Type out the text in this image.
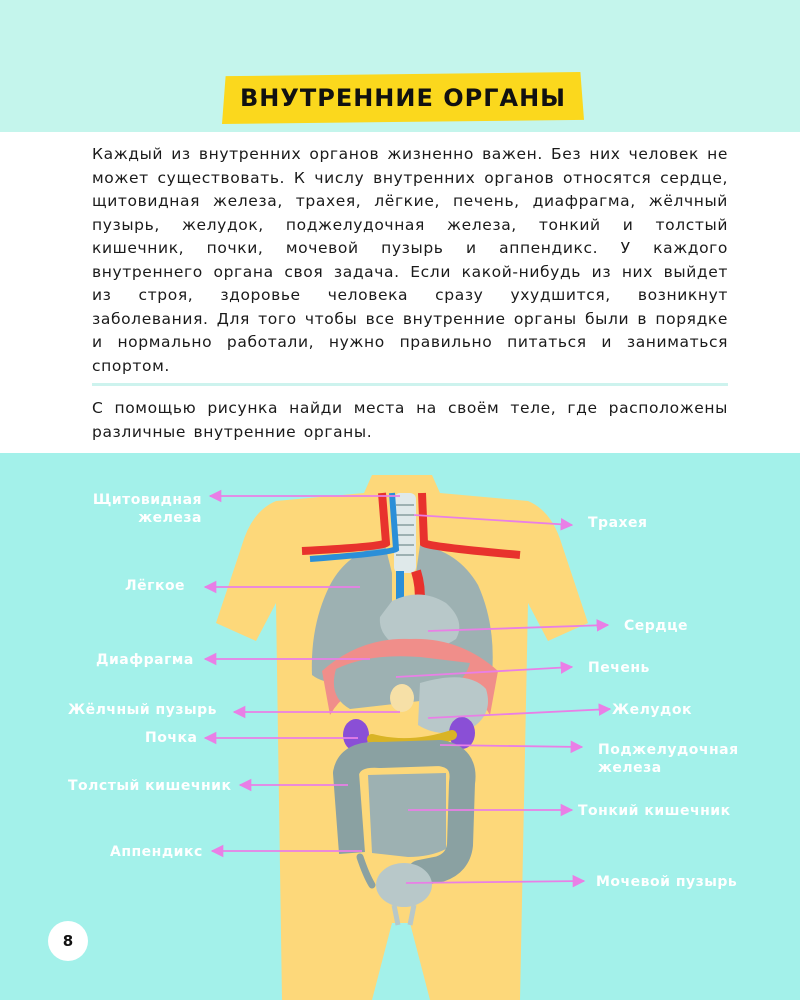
ВНУТРЕННИЕ ОРГАНЫ

Каждый из внутренних органов жизненно важен. Без них человек не может существовать. К числу внутренних органов относятся сердце, щитовидная железа, трахея, лёгкие, печень, диафрагма, жёлчный пузырь, желудок, поджелудочная железа, тонкий и толстый кишечник, почки, мочевой пузырь и аппендикс. У каждого внутреннего органа своя задача. Если какой-нибудь из них выйдет из строя, здоровье человека сразу ухудшится, возникнут заболевания. Для того чтобы все внутренние органы были в порядке и нормально работали, нужно правильно питаться и заниматься спортом.

С помощью рисунка найди места на своём теле, где расположены различные внутренние органы.

Щитовидная железа
Лёгкое
Диафрагма
Жёлчный пузырь
Почка
Толстый кишечник
Аппендикс
Трахея
Сердце
Печень
Желудок
Поджелудочная железа
Тонкий кишечник
Мочевой пузырь
8
